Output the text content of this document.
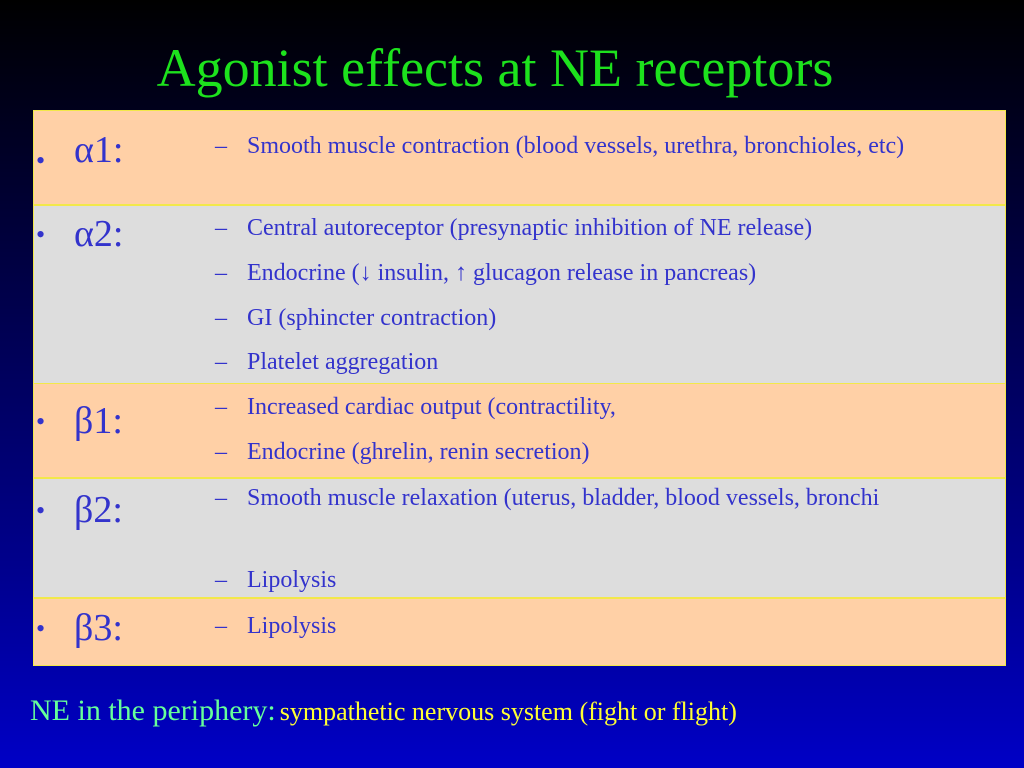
Agonist effects at NE receptors
• α1:	– Smooth muscle contraction (blood vessels, urethra, bronchioles, etc)
• α2:	– Central autoreceptor (presynaptic inhibition of NE release)
– Endocrine (↓ insulin, ↑ glucagon release in pancreas)
– GI (sphincter contraction)
– Platelet aggregation
• β1:	– Increased cardiac output (contractility,
– Endocrine (ghrelin, renin secretion)
• β2:	– Smooth muscle relaxation (uterus, bladder, blood vessels, bronchi
– Lipolysis
• β3:	– Lipolysis
NE in the periphery: sympathetic nervous system (fight or flight)
